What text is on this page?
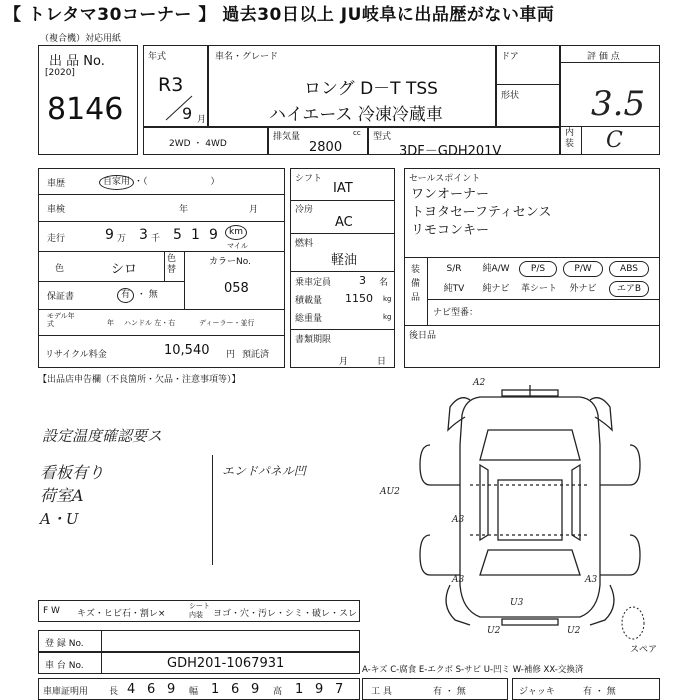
【 トレタマ30コーナー 】 過去30日以上 JU岐阜に出品歴がない車両
（複合機）対応用紙
出 品 No.
[2020]
8146
年式
R3
9 月
車名・グレード
ロング D－T TSS
ハイエース 冷凍冷蔵車
ドア
形状
評 価 点
3.5
内装 C
2WD ・ 4WD
排気量	cc
2800
型式
3DF－GDH201V
車歴	自家用 ・（　　　　　　　）
車検	年	月
走行	9 万 3 千 5 1 9	km
マイル
色	シロ
色替
カラーNo.
058
保証書	有 ・ 無
モデル年式	年 ハンドル 左・右	ディーラー・並行
リサイクル料金	10,540 円 預託済
シフト
IAT
冷房
AC
燃料
軽油
乗車定員	3 名
積載量 1150 kg
総重量	kg
書類期限
月	日
セールスポイント
ワンオーナー
トヨタセーフティセンス
リモコンキー
装備品
S/R	純A/W	P/S	P/W	ABS
純TV	純ナビ	革シート	外ナビ	エアB
ナビ型番：
後日品
【出品店申告欄（不良箇所・欠品・注意事項等）】
設定温度確認要ス
看板有り
荷室A
A・U
エンドパネル凹
A2
AU2
A3
A3	A3
U3
U2	U2
スペア
F W キズ・ヒビ石・割レ×
シート内装	ヨゴ・穴・汚レ・シミ・破レ・スレ
登 録 No.
車 台 No.	GDH201-1067931	A-キズ C-腐食 E-エクボ S-サビ U-凹ミ W-補修 XX-交換済
車庫証明用 長 4 6 9 幅 1 6 9 高 1 9 7	工 具	有 ・ 無	ジャッキ	有 ・ 無
